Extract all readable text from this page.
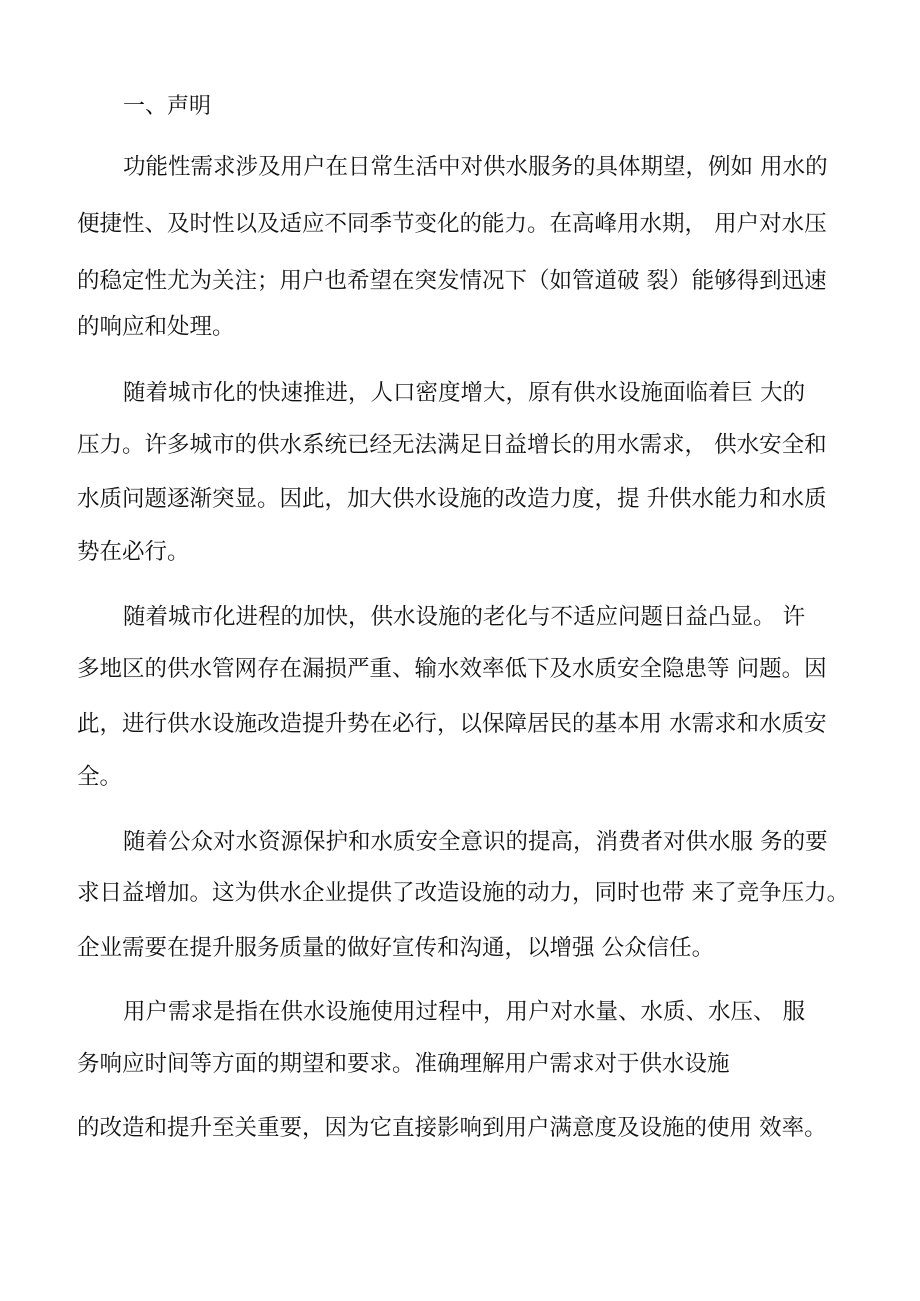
一、声明
功能性需求涉及用户在日常生活中对供水服务的具体期望，例如 用水的
便捷性、及时性以及适应不同季节变化的能力。在高峰用水期， 用户对水压
的稳定性尤为关注；用户也希望在突发情况下（如管道破 裂）能够得到迅速
的响应和处理。
随着城市化的快速推进，人口密度增大，原有供水设施面临着巨 大的
压力。许多城市的供水系统已经无法满足日益增长的用水需求， 供水安全和
水质问题逐渐突显。因此，加大供水设施的改造力度，提 升供水能力和水质
势在必行。
随着城市化进程的加快，供水设施的老化与不适应问题日益凸显。 许
多地区的供水管网存在漏损严重、输水效率低下及水质安全隐患等 问题。因
此，进行供水设施改造提升势在必行，以保障居民的基本用 水需求和水质安
全。
随着公众对水资源保护和水质安全意识的提高，消费者对供水服 务的要
求日益增加。这为供水企业提供了改造设施的动力，同时也带 来了竞争压力。
企业需要在提升服务质量的做好宣传和沟通，以增强 公众信任。
用户需求是指在供水设施使用过程中，用户对水量、水质、水压、 服
务响应时间等方面的期望和要求。准确理解用户需求对于供水设施
的改造和提升至关重要，因为它直接影响到用户满意度及设施的使用 效率。
